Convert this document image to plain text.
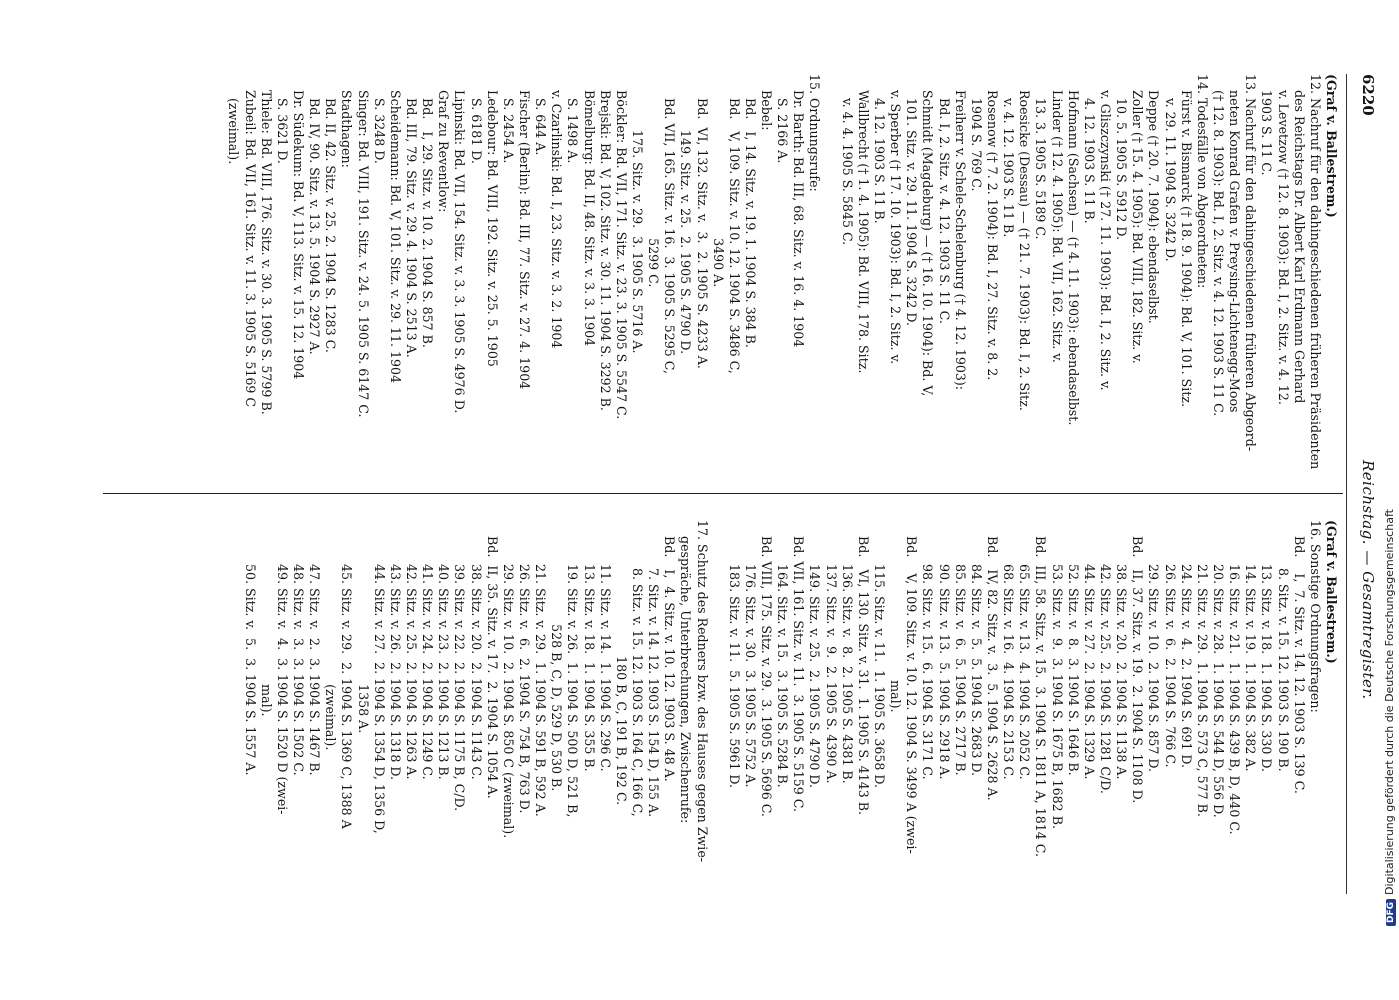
6220
Reichstag. — Gesamtregister.
(Graf v. Ballestrem.)
12. Nachruf für den dahingeschiedenen früheren Präsidenten
des Reichstags Dr. Albert Karl Erdmann Gerhard
v. Levetzow († 12. 8. 1903): Bd. I, 2. Sitz. v. 4. 12.
1903 S. 11 C.
13. Nachruf für den dahingeschiedenen früheren Abgeord-
neten Konrad Grafen v. Preysing-Lichtenegg-Moos
(† 12. 8. 1903): Bd. I, 2. Sitz. v. 4. 12. 1903 S. 11 C.
14. Todesfälle von Abgeordneten:
Fürst v. Bismarck († 18. 9. 1904): Bd. V, 101. Sitz.
v. 29. 11. 1904 S. 3242 D.
Deppe († 20. 7. 1904): ebendaselbst.
Zoller († 15. 4. 1905): Bd. VIII, 182. Sitz. v.
10. 5. 1905 S. 5912 D.
v. Gliszczynski († 27. 11. 1903): Bd. I, 2. Sitz. v.
4. 12. 1903 S. 11 B.
Hofmann (Sachsen) — († 4. 11. 1903): ebendaselbst.
Linder († 12. 4. 1905): Bd. VII, 162. Sitz. v.
13. 3. 1905 S. 5189 C.
Roesicke (Dessau) — († 21. 7. 1903): Bd. I, 2. Sitz.
v. 4. 12. 1903 S. 11 B.
Rosenow († 7. 2. 1904): Bd. I, 27. Sitz. v. 8. 2.
1904 S. 769 C.
Freiherr v. Schele-Schelenburg († 4. 12. 1903):
Bd. I, 2. Sitz. v. 4. 12. 1903 S. 11 C.
Schmidt (Magdeburg) — († 16. 10. 1904): Bd. V,
101. Sitz. v. 29. 11. 1904 S. 3242 D.
v. Sperber († 17. 10. 1903): Bd. I, 2. Sitz. v.
4. 12. 1903 S. 11 B.
Wallbrecht († 1. 4. 1905): Bd. VIII, 178. Sitz.
v. 4. 4. 1905 S. 5845 C.
15. Ordnungsrufe:
Dr. Barth: Bd. III, 68. Sitz. v. 16. 4. 1904
S. 2166 A.
Bebel:
Bd.   I, 14. Sitz. v. 19. 1. 1904 S. 384 B.
Bd.   V, 109. Sitz. v. 10. 12. 1904 S. 3486 C,
3490 A.
Bd.  VI, 132. Sitz. v.  3.  2. 1905 S. 4233 A.
149. Sitz. v. 25.  2. 1905 S. 4790 D.
Bd. VII, 165. Sitz. v. 16.  3. 1905 S. 5295 C,
5299 C.
175. Sitz. v. 29.  3. 1905 S. 5716 A.
Böckler: Bd. VII, 171. Sitz. v. 23. 3. 1905 S. 5547 C.
Brejski: Bd. V, 102. Sitz. v. 30. 11. 1904 S. 3292 B.
Bömelburg: Bd. II, 48. Sitz. v. 3. 3. 1904
S. 1498 A.
v. Czarlinski: Bd. I, 23. Sitz. v. 3. 2. 1904
S. 644 A.
Fischer (Berlin): Bd. III, 77. Sitz. v. 27. 4. 1904
S. 2454 A.
Ledebour: Bd. VIII, 192. Sitz. v. 25. 5. 1905
S. 6181 D.
Lipinski: Bd. VII, 154. Sitz. v. 3. 3. 1905 S. 4976 D.
Graf zu Reventlow:
Bd.   I, 29. Sitz. v. 10. 2. 1904 S. 857 B.
Bd. III, 79. Sitz. v. 29. 4. 1904 S. 2513 A.
Scheidemann: Bd. V, 101. Sitz. v. 29. 11. 1904
S. 3248 D.
Singer: Bd. VIII, 191. Sitz. v. 24. 5. 1905 S. 6147 C.
Stadthagen:
Bd. II, 42. Sitz. v. 25. 2. 1904 S. 1283 C.
Bd. IV, 90. Sitz. v. 13. 5. 1904 S. 2927 A.
Dr. Südekum: Bd. V, 113. Sitz. v. 15. 12. 1904
S. 3621 D.
Thiele: Bd. VIII, 176. Sitz. v. 30. 3. 1905 S. 5799 B.
Zubeil: Bd. VII, 161. Sitz. v. 11. 3. 1905 S. 5169 C
(zweimal).
(Graf v. Ballestrem.)
16. Sonstige Ordnungsfragen:
Bd.    I,  7. Sitz. v. 14. 12. 1903 S. 139 C.
8. Sitz. v. 15. 12. 1903 S. 190 B.
13. Sitz. v. 18.  1. 1904 S. 330 D.
14. Sitz. v. 19.  1. 1904 S. 382 A.
16. Sitz. v. 21.  1. 1904 S. 439 B, D, 440 C.
20. Sitz. v. 28.  1. 1904 S. 544 D, 556 D.
21. Sitz. v. 29.  1. 1904 S. 573 C, 577 B.
24. Sitz. v.  4.  2. 1904 S. 691 D.
26. Sitz. v.  6.  2. 1904 S. 766 C.
29. Sitz. v. 10.  2. 1904 S. 857 D.
Bd.   II, 37. Sitz. v. 19.  2. 1904 S. 1108 D.
38. Sitz. v. 20.  2. 1904 S. 1138 A.
42. Sitz. v. 25.  2. 1904 S. 1281 C/D.
44. Sitz. v. 27.  2. 1904 S. 1329 A.
52. Sitz. v.  8.  3. 1904 S. 1646 B.
53. Sitz. v.  9.  3. 1904 S. 1675 B, 1682 B.
Bd.  III, 58. Sitz. v. 15.  3. 1904 S. 1811 A, 1814 C.
65. Sitz. v. 13.  4. 1904 S. 2052 C.
68. Sitz. v. 16.  4. 1904 S. 2153 C.
Bd.   IV, 82. Sitz. v.  3.  5. 1904 S. 2628 A.
84. Sitz. v.  5.  5. 1904 S. 2683 D.
85. Sitz. v.  6.  5. 1904 S. 2717 B.
90. Sitz. v. 13.  5. 1904 S. 2918 A.
98. Sitz. v. 15.  6. 1904 S. 3171 C.
Bd.    V, 109. Sitz. v. 10. 12. 1904 S. 3499 A (zwei-
mal).
115. Sitz. v. 11.  1. 1905 S. 3658 D.
Bd.   VI, 130. Sitz. v. 31.  1. 1905 S. 4143 B.
136. Sitz. v.  8.  2. 1905 S. 4381 B.
137. Sitz. v.  9.  2. 1905 S. 4390 A.
149. Sitz. v. 25.  2. 1905 S. 4790 D.
Bd. VII, 161. Sitz. v. 11.  3. 1905 S. 5159 C.
164. Sitz. v. 15.  3. 1905 S. 5284 B.
Bd. VIII, 175. Sitz. v. 29.  3. 1905 S. 5696 C.
176. Sitz. v. 30.  3. 1905 S. 5752 A.
183. Sitz. v. 11.  5. 1905 S. 5961 D.
17. Schutz des Redners bzw. des Hauses gegen Zwie-
gespräche, Unterbrechungen, Zwischenrufe:
Bd.   I,  4. Sitz. v. 10. 12. 1903 S. 48 A.
7. Sitz. v. 14. 12. 1903 S. 154 D, 155 A.
8. Sitz. v. 15. 12. 1903 S. 164 C, 166 C,
180 B, C, 191 B, 192 C.
11. Sitz. v. 14.  1. 1904 S. 296 C.
13. Sitz. v. 18.  1. 1904 S. 355 B.
19. Sitz. v. 26.  1. 1904 S. 500 D, 521 B,
528 B, C, D, 529 D, 530 B.
21. Sitz. v. 29.  1. 1904 S. 591 B, 592 A.
26. Sitz. v.  6.  2. 1904 S. 754 B, 763 D.
29. Sitz. v. 10.  2. 1904 S. 850 C (zweimal).
Bd.  II, 35. Sitz. v. 17.  2. 1904 S. 1054 A.
38. Sitz. v. 20.  2. 1904 S. 1143 C.
39. Sitz. v. 22.  2. 1904 S. 1175 B, C/D.
40. Sitz. v. 23.  2. 1904 S. 1213 B.
41. Sitz. v. 24.  2. 1904 S. 1249 C.
42. Sitz. v. 25.  2. 1904 S. 1263 A.
43. Sitz. v. 26.  2. 1904 S. 1318 D.
44. Sitz. v. 27.  2. 1904 S. 1354 D, 1356 D,
1358 A.
45. Sitz. v. 29.  2. 1904 S. 1369 C, 1388 A
(zweimal).
47. Sitz. v.  2.  3. 1904 S. 1467 B.
48. Sitz. v.  3.  3. 1904 S. 1502 C.
49. Sitz. v.  4.  3. 1904 S. 1520 D (zwei-
mal).
50. Sitz. v.  5.  3. 1904 S. 1557 A.
DFGDigitalisierung gefördert durch die Deutsche Forschungsgemeinschaft
